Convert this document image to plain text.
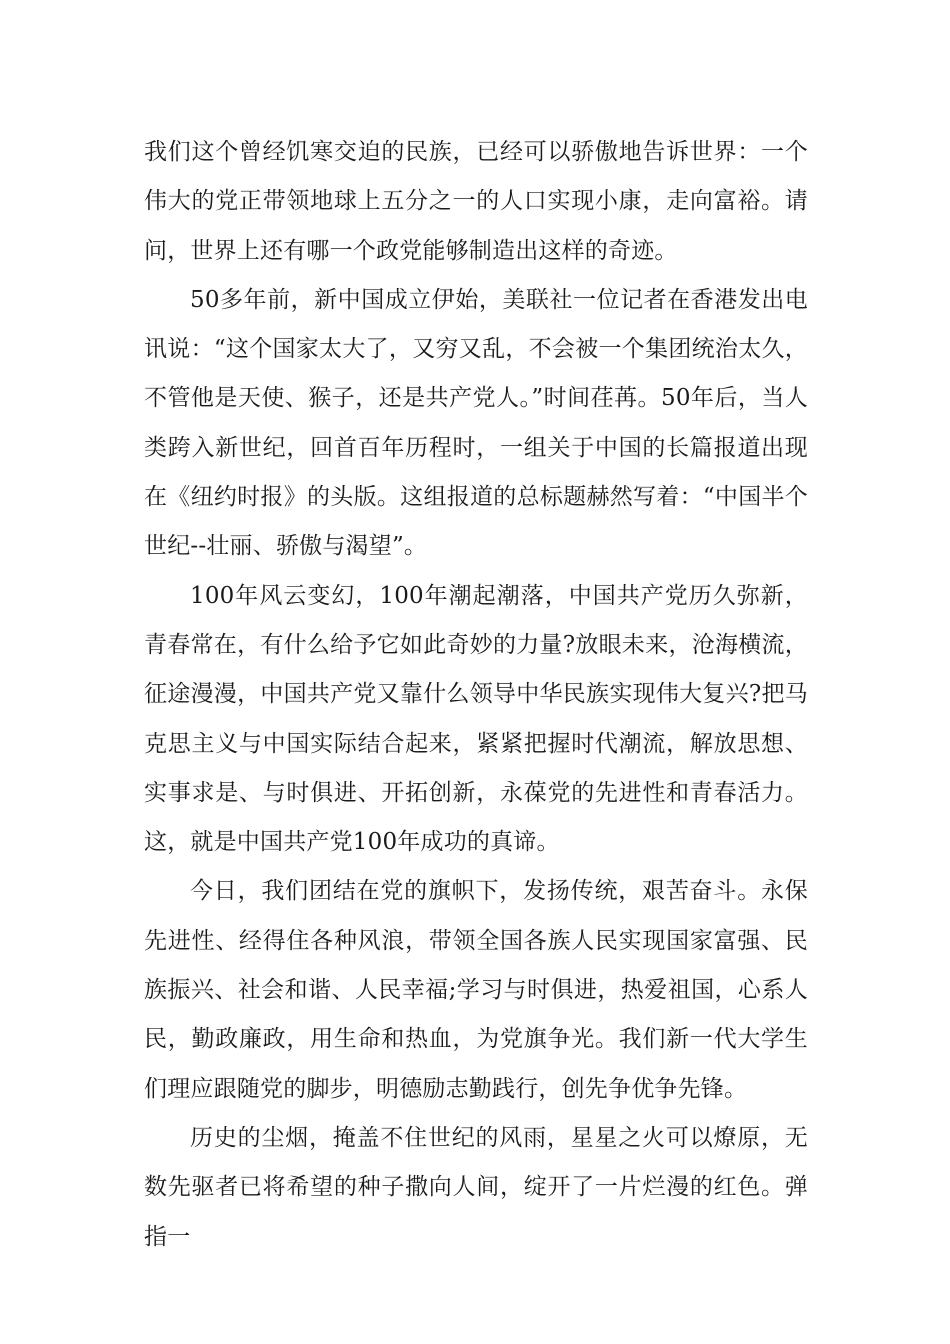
我们这个曾经饥寒交迫的民族，已经可以骄傲地告诉世界：一个伟大的党正带领地球上五分之一的人口实现小康，走向富裕。请问，世界上还有哪一个政党能够制造出这样的奇迹。

50多年前，新中国成立伊始，美联社一位记者在香港发出电讯说：“这个国家太大了，又穷又乱，不会被一个集团统治太久，不管他是天使、猴子，还是共产党人。”时间荏苒。50年后，当人类跨入新世纪，回首百年历程时，一组关于中国的长篇报道出现在《纽约时报》的头版。这组报道的总标题赫然写着：“中国半个世纪--壮丽、骄傲与渴望”。

100年风云变幻，100年潮起潮落，中国共产党历久弥新，青春常在，有什么给予它如此奇妙的力量?放眼未来，沧海横流，征途漫漫，中国共产党又靠什么领导中华民族实现伟大复兴?把马克思主义与中国实际结合起来，紧紧把握时代潮流，解放思想、实事求是、与时俱进、开拓创新，永葆党的先进性和青春活力。这，就是中国共产党100年成功的真谛。

今日，我们团结在党的旗帜下，发扬传统，艰苦奋斗。永保先进性、经得住各种风浪，带领全国各族人民实现国家富强、民族振兴、社会和谐、人民幸福;学习与时俱进，热爱祖国，心系人民，勤政廉政，用生命和热血，为党旗争光。我们新一代大学生们理应跟随党的脚步，明德励志勤践行，创先争优争先锋。

历史的尘烟，掩盖不住世纪的风雨，星星之火可以燎原，无数先驱者已将希望的种子撒向人间，绽开了一片烂漫的红色。弹指一
